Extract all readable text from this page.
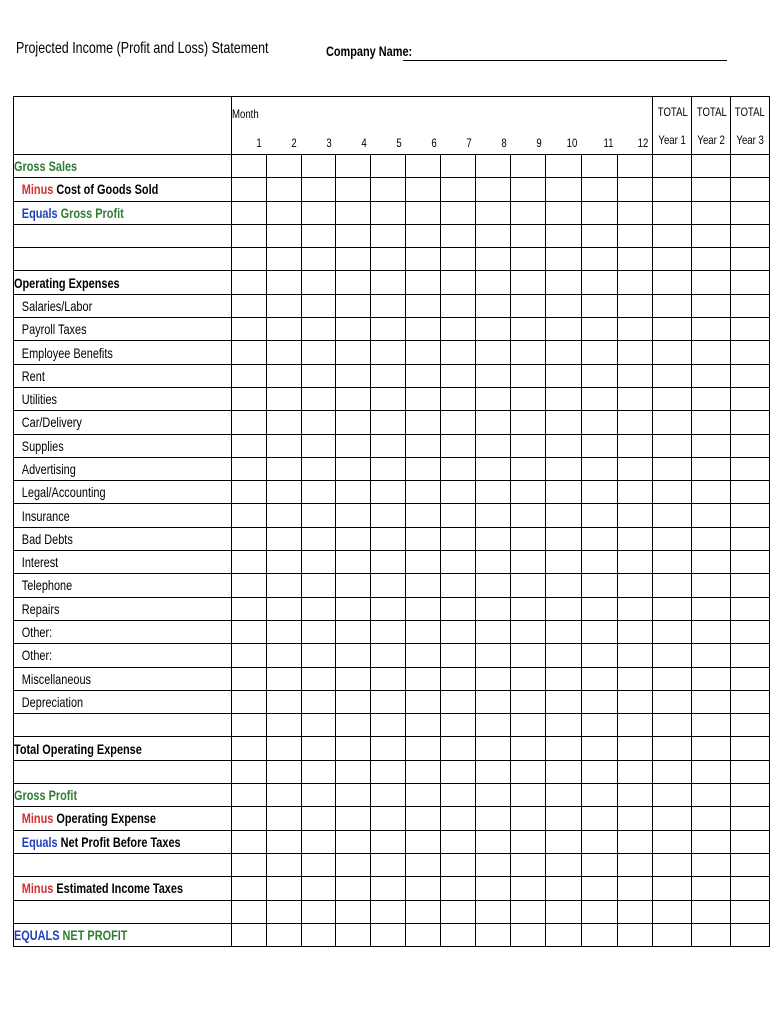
Projected Income (Profit and Loss) Statement	Company Name:
	Month												TOTAL	TOTAL	TOTAL
	1	2	3	4	5	6	7	8	9	10	11	12	Year 1	Year 2	Year 3
Gross Sales															
Minus Cost of Goods Sold															
Equals Gross Profit															

Operating Expenses															
Salaries/Labor															
Payroll Taxes															
Employee Benefits															
Rent															
Utilities															
Car/Delivery															
Supplies															
Advertising															
Legal/Accounting															
Insurance															
Bad Debts															
Interest															
Telephone															
Repairs															
Other:															
Other:															
Miscellaneous															
Depreciation															

Total Operating Expense															

Gross Profit															
Minus Operating Expense															
Equals Net Profit Before Taxes															

Minus Estimated Income Taxes															

EQUALS NET PROFIT															
